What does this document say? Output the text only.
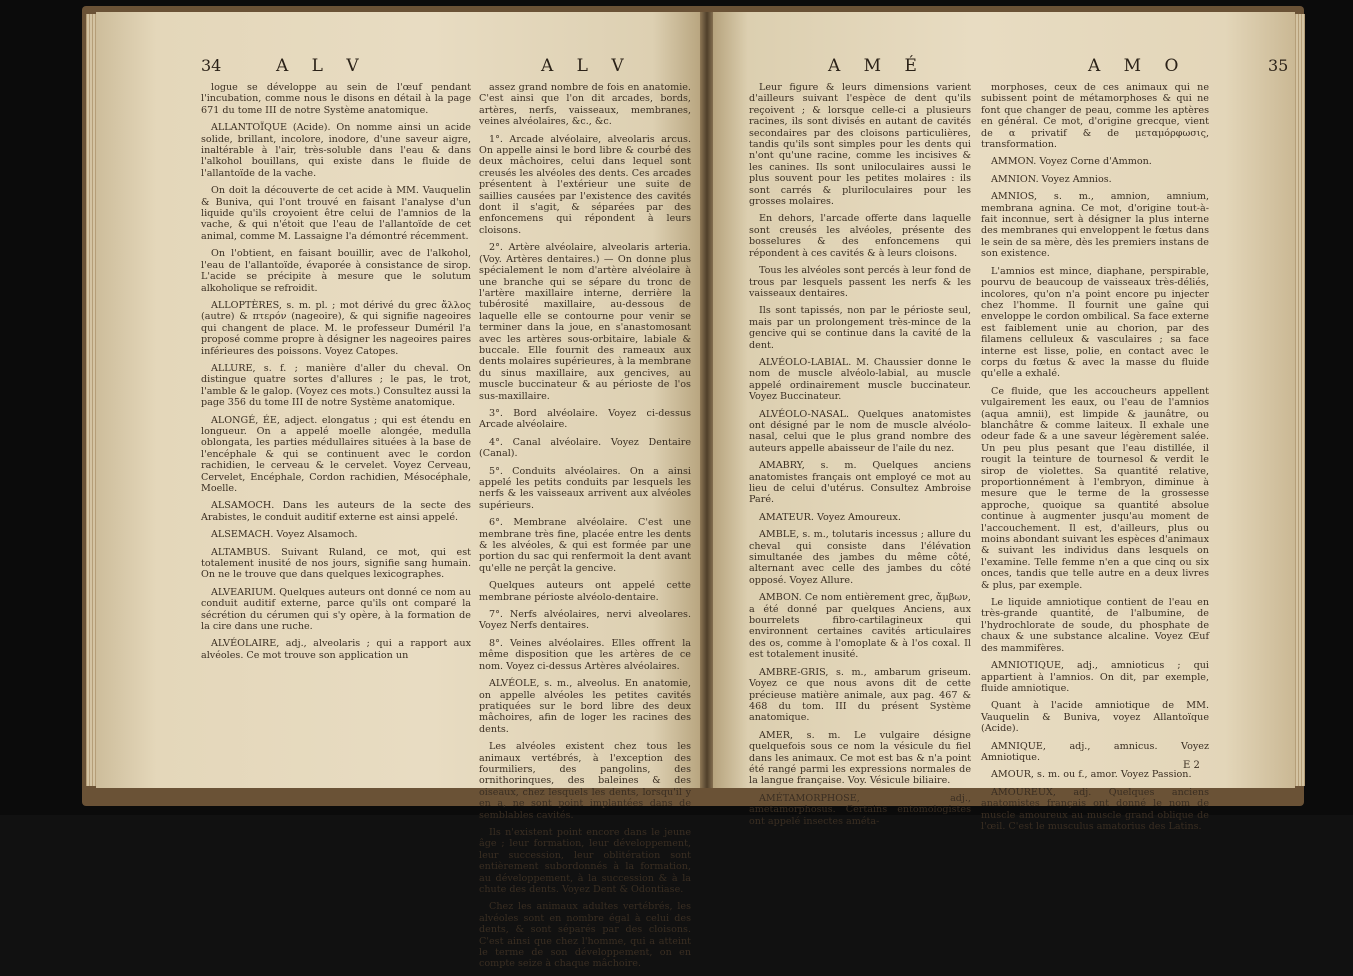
34	A L V	A L V

logue se développe au sein de l'œuf pendant l'incubation, comme nous le disons en détail à la page 671 du tome III de notre Système anatomique.

ALLANTOÏQUE (Acide). On nomme ainsi un acide solide, brillant, incolore, inodore, d'une saveur aigre, inaltérable à l'air, très-soluble dans l'eau & dans l'alkohol bouillans, qui existe dans le fluide de l'allantoïde de la vache.

On doit la découverte de cet acide à MM. Vauquelin & Buniva, qui l'ont trouvé en faisant l'analyse d'un liquide qu'ils croyoient être celui de l'amnios de la vache, & qui n'étoit que l'eau de l'allantoïde de cet animal, comme M. Lassaigne l'a démontré récemment.

On l'obtient, en faisant bouillir, avec de l'alkohol, l'eau de l'allantoïde, évaporée à consistance de sirop. L'acide se précipite à mesure que le solutum alkoholique se refroidit.

ALLOPTÈRES, s. m. pl. ; mot dérivé du grec ἄλλος (autre) & πτερόν (nageoire), & qui signifie nageoires qui changent de place. M. le professeur Duméril l'a proposé comme propre à désigner les nageoires paires inférieures des poissons. Voyez Catopes.

ALLURE, s. f. ; manière d'aller du cheval. On distingue quatre sortes d'allures ; le pas, le trot, l'amble & le galop. (Voyez ces mots.) Consultez aussi la page 356 du tome III de notre Système anatomique.

ALONGÉ, ÉE, adject. elongatus ; qui est étendu en longueur. On a appelé moelle alongée, medulla oblongata, les parties médullaires situées à la base de l'encéphale & qui se continuent avec le cordon rachidien, le cerveau & le cervelet. Voyez Cerveau, Cervelet, Encéphale, Cordon rachidien, Mésocéphale, Moelle.

ALSAMOCH. Dans les auteurs de la secte des Arabistes, le conduit auditif externe est ainsi appelé.

ALSEMACH. Voyez Alsamoch.

ALTAMBUS. Suivant Ruland, ce mot, qui est totalement inusité de nos jours, signifie sang humain. On ne le trouve que dans quelques lexicographes.

ALVEARIUM. Quelques auteurs ont donné ce nom au conduit auditif externe, parce qu'ils ont comparé la sécrétion du cérumen qui s'y opère, à la formation de la cire dans une ruche.

ALVÉOLAIRE, adj., alveolaris ; qui a rapport aux alvéoles. Ce mot trouve son application un

assez grand nombre de fois en anatomie. C'est ainsi que l'on dit arcades, bords, artères, nerfs, vaisseaux, membranes, veines alvéolaires, &c., &c.

1°. Arcade alvéolaire, alveolaris arcus. On appelle ainsi le bord libre & courbé des deux mâchoires, celui dans lequel sont creusés les alvéoles des dents. Ces arcades présentent à l'extérieur une suite de saillies causées par l'existence des cavités dont il s'agit, & séparées par des enfoncemens qui répondent à leurs cloisons.

2°. Artère alvéolaire, alveolaris arteria. (Voy. Artères dentaires.) — On donne plus spécialement le nom d'artère alvéolaire à une branche qui se sépare du tronc de l'artère maxillaire interne, derrière la tubérosité maxillaire, au-dessous de laquelle elle se contourne pour venir se terminer dans la joue, en s'anastomosant avec les artères sous-orbitaire, labiale & buccale. Elle fournit des rameaux aux dents molaires supérieures, à la membrane du sinus maxillaire, aux gencives, au muscle buccinateur & au périoste de l'os sus-maxillaire.

3°. Bord alvéolaire. Voyez ci-dessus Arcade alvéolaire.

4°. Canal alvéolaire. Voyez Dentaire (Canal).

5°. Conduits alvéolaires. On a ainsi appelé les petits conduits par lesquels les nerfs & les vaisseaux arrivent aux alvéoles supérieurs.

6°. Membrane alvéolaire. C'est une membrane très fine, placée entre les dents & les alvéoles, & qui est formée par une portion du sac qui renfermoit la dent avant qu'elle ne perçât la gencive.

Quelques auteurs ont appelé cette membrane périoste alvéolo-dentaire.

7°. Nerfs alvéolaires, nervi alveolares. Voyez Nerfs dentaires.

8°. Veines alvéolaires. Elles offrent la même disposition que les artères de ce nom. Voyez ci-dessus Artères alvéolaires.

ALVÉOLE, s. m., alveolus. En anatomie, on appelle alvéoles les petites cavités pratiquées sur le bord libre des deux mâchoires, afin de loger les racines des dents.

Les alvéoles existent chez tous les animaux vertébrés, à l'exception des fourmiliers, des pangolins, des ornithorinques, des baleines & des oiseaux, chez lesquels les dents, lorsqu'il y en a, ne sont point implantées dans de semblables cavités.

Ils n'existent point encore dans le jeune âge ; leur formation, leur développement, leur succession, leur oblitération sont entièrement subordonnés à la formation, au développement, à la succession & à la chute des dents. Voyez Dent & Odontiase.

Chez les animaux adultes vertébrés, les alvéoles sont en nombre égal à celui des dents, & sont séparés par des cloisons. C'est ainsi que chez l'homme, qui a atteint le terme de son développement, on en compte seize à chaque mâchoire.

A M É	A M O	35

Leur figure & leurs dimensions varient d'ailleurs suivant l'espèce de dent qu'ils reçoivent ; & lorsque celle-ci a plusieurs racines, ils sont divisés en autant de cavités secondaires par des cloisons particulières, tandis qu'ils sont simples pour les dents qui n'ont qu'une racine, comme les incisives & les canines. Ils sont uniloculaires aussi le plus souvent pour les petites molaires : ils sont carrés & pluriloculaires pour les grosses molaires.

En dehors, l'arcade offerte dans laquelle sont creusés les alvéoles, présente des bosselures & des enfoncemens qui répondent à ces cavités & à leurs cloisons.

Tous les alvéoles sont percés à leur fond de trous par lesquels passent les nerfs & les vaisseaux dentaires.

Ils sont tapissés, non par le périoste seul, mais par un prolongement très-mince de la gencive qui se continue dans la cavité de la dent.

ALVÉOLO-LABIAL. M. Chaussier donne le nom de muscle alvéolo-labial, au muscle appelé ordinairement muscle buccinateur. Voyez Buccinateur.

ALVÉOLO-NASAL. Quelques anatomistes ont désigné par le nom de muscle alvéolo-nasal, celui que le plus grand nombre des auteurs appelle abaisseur de l'aile du nez.

AMABRY, s. m. Quelques anciens anatomistes français ont employé ce mot au lieu de celui d'utérus. Consultez Ambroise Paré.

AMATEUR. Voyez Amoureux.

AMBLE, s. m., tolutaris incessus ; allure du cheval qui consiste dans l'élévation simultanée des jambes du même côté, alternant avec celle des jambes du côté opposé. Voyez Allure.

AMBON. Ce nom entièrement grec, ἄμβων, a été donné par quelques Anciens, aux bourrelets fibro-cartilagineux qui environnent certaines cavités articulaires des os, comme à l'omoplate & à l'os coxal. Il est totalement inusité.

AMBRE-GRIS, s. m., ambarum griseum. Voyez ce que nous avons dit de cette précieuse matière animale, aux pag. 467 & 468 du tom. III du présent Système anatomique.

AMER, s. m. Le vulgaire désigne quelquefois sous ce nom la vésicule du fiel dans les animaux. Ce mot est bas & n'a point été rangé parmi les expressions normales de la langue française. Voy. Vésicule biliaire.

AMÉTAMORPHOSE, adj., ametamorphosus. Certains entomologistes ont appelé insectes améta-

morphoses, ceux de ces animaux qui ne subissent point de métamorphoses & qui ne font que changer de peau, comme les aptères en général. Ce mot, d'origine grecque, vient de α privatif & de μεταμόρφωσις, transformation.

AMMON. Voyez Corne d'Ammon.

AMNION. Voyez Amnios.

AMNIOS, s. m., amnion, amnium, membrana agnina. Ce mot, d'origine tout-à-fait inconnue, sert à désigner la plus interne des membranes qui enveloppent le fœtus dans le sein de sa mère, dès les premiers instans de son existence.

L'amnios est mince, diaphane, perspirable, pourvu de beaucoup de vaisseaux très-déliés, incolores, qu'on n'a point encore pu injecter chez l'homme. Il fournit une gaîne qui enveloppe le cordon ombilical. Sa face externe est faiblement unie au chorion, par des filamens celluleux & vasculaires ; sa face interne est lisse, polie, en contact avec le corps du fœtus & avec la masse du fluide qu'elle a exhalé.

Ce fluide, que les accoucheurs appellent vulgairement les eaux, ou l'eau de l'amnios (aqua amnii), est limpide & jaunâtre, ou blanchâtre & comme laiteux. Il exhale une odeur fade & a une saveur légèrement salée. Un peu plus pesant que l'eau distillée, il rougit la teinture de tournesol & verdit le sirop de violettes. Sa quantité relative, proportionnément à l'embryon, diminue à mesure que le terme de la grossesse approche, quoique sa quantité absolue continue à augmenter jusqu'au moment de l'accouchement. Il est, d'ailleurs, plus ou moins abondant suivant les espèces d'animaux & suivant les individus dans lesquels on l'examine. Telle femme n'en a que cinq ou six onces, tandis que telle autre en a deux livres & plus, par exemple.

Le liquide amniotique contient de l'eau en très-grande quantité, de l'albumine, de l'hydrochlorate de soude, du phosphate de chaux & une substance alcaline. Voyez Œuf des mammifères.

AMNIOTIQUE, adj., amnioticus ; qui appartient à l'amnios. On dit, par exemple, fluide amniotique.

Quant à l'acide amniotique de MM. Vauquelin & Buniva, voyez Allantoïque (Acide).

AMNIQUE, adj., amnicus. Voyez Amniotique.

AMOUR, s. m. ou f., amor. Voyez Passion.

AMOUREUX, adj. Quelques anciens anatomistes français ont donné le nom de muscle amoureux au muscle grand oblique de l'œil. C'est le musculus amatorius des Latins.

E 2
